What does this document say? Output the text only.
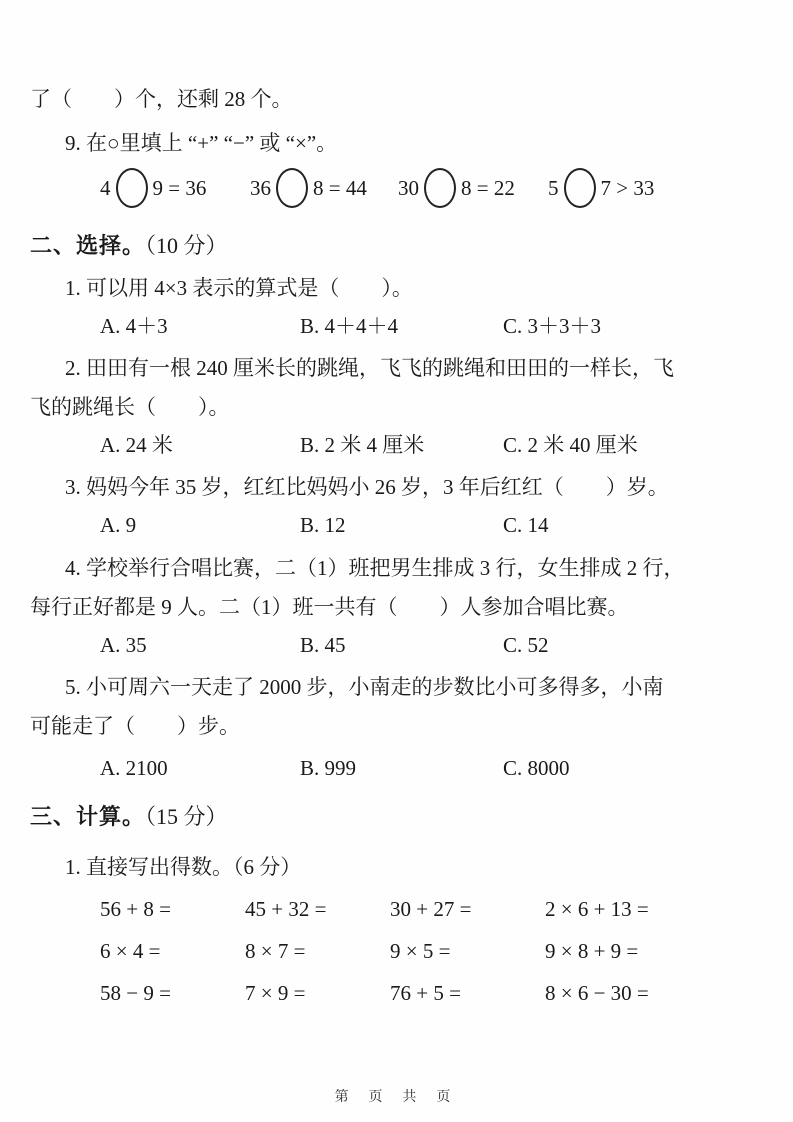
了（　　）个，还剩 28 个。
9. 在○里填上 “+” “−” 或 “×”。
4 9 = 36 36 8 = 44 30 8 = 22 5 7 > 33
二、选择。（10 分）
1. 可以用 4×3 表示的算式是（　　）。
A. 4＋3	B. 4＋4＋4	C. 3＋3＋3
2. 田田有一根 240 厘米长的跳绳，飞飞的跳绳和田田的一样长，飞
飞的跳绳长（　　）。
A. 24 米	B. 2 米 4 厘米	C. 2 米 40 厘米
3. 妈妈今年 35 岁，红红比妈妈小 26 岁，3 年后红红（　　）岁。
A. 9	B. 12	C. 14
4. 学校举行合唱比赛，二（1）班把男生排成 3 行，女生排成 2 行，
每行正好都是 9 人。二（1）班一共有（　　）人参加合唱比赛。
A. 35	B. 45	C. 52
5. 小可周六一天走了 2000 步，小南走的步数比小可多得多，小南
可能走了（　　）步。
A. 2100	B. 999	C. 8000
三、计算。（15 分）
1. 直接写出得数。（6 分）
56 + 8 =	45 + 32 =	30 + 27 =	2 × 6 + 13 =
6 × 4 =	8 × 7 =	9 × 5 =	9 × 8 + 9 =
58 − 9 =	7 × 9 =	76 + 5 =	8 × 6 − 30 =
第 页 共 页
